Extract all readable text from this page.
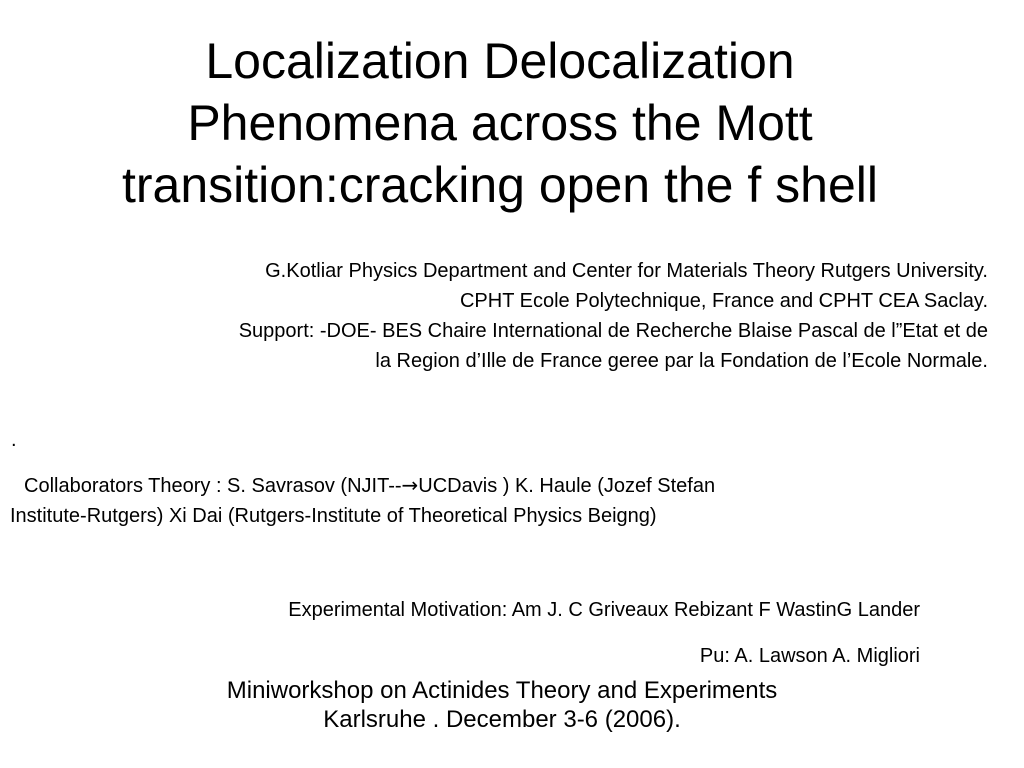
Localization Delocalization
Phenomena across the Mott
transition:cracking open the f shell
G.Kotliar Physics Department and Center for Materials Theory Rutgers University.
CPHT Ecole Polytechnique, France and CPHT CEA Saclay.
Support: -DOE- BES Chaire International de Recherche Blaise Pascal de l”Etat et de
la Region d’Ille de France geree par la Fondation de l’Ecole Normale.
.
Collaborators Theory : S. Savrasov (NJIT--→UCDavis ) K. Haule (Jozef Stefan
Institute-Rutgers) Xi Dai (Rutgers-Institute of Theoretical Physics Beigng)
Experimental Motivation: Am J. C Griveaux Rebizant F WastinG Lander
Pu: A. Lawson A. Migliori
Miniworkshop on Actinides Theory and Experiments
Karlsruhe . December 3-6 (2006).
